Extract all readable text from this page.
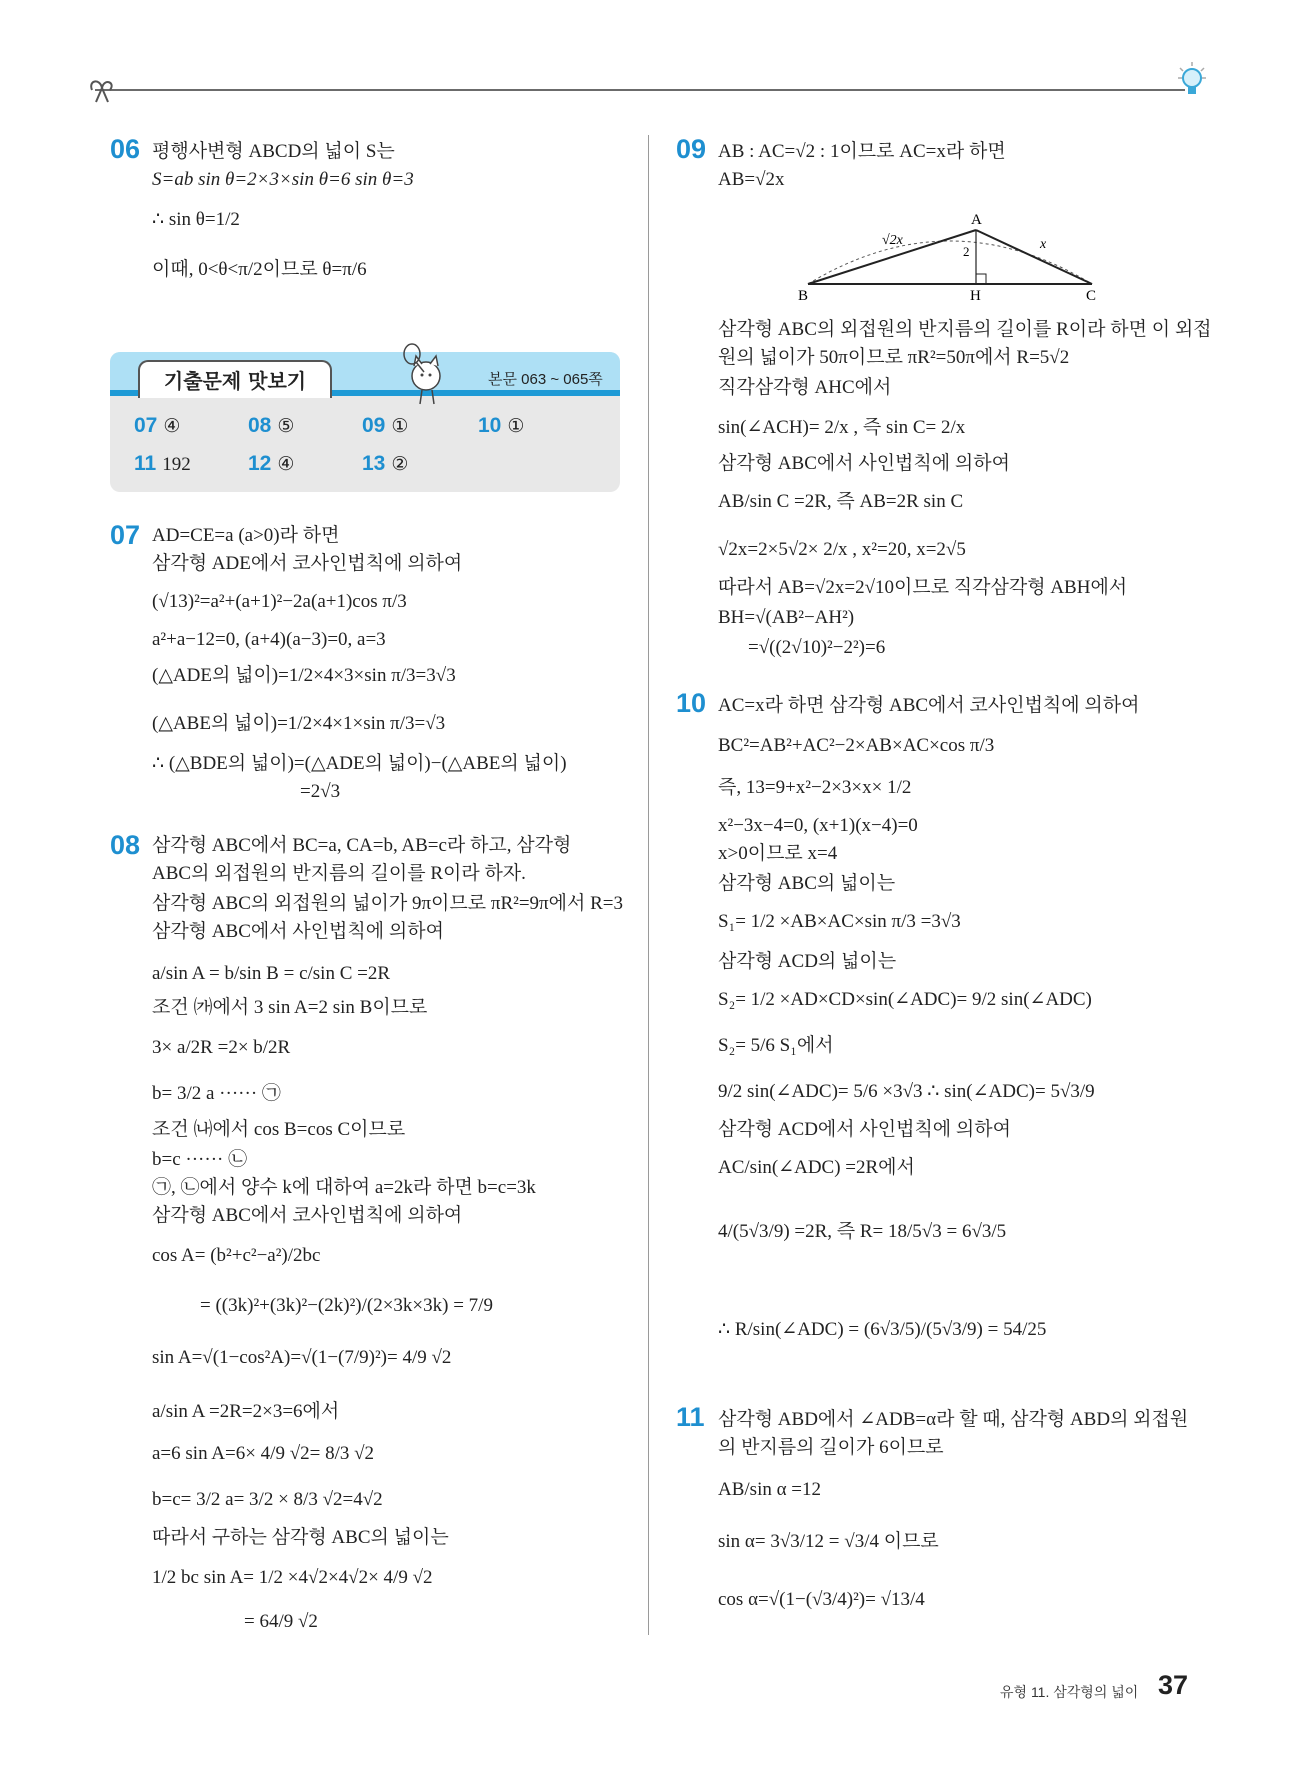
06 평행사변형 ABCD의 넓이 S는
S=ab sin θ=2×3×sin θ=6 sin θ=3
∴ sin θ=1/2
이때, 0<θ<π/2이므로 θ=π/6
기출문제 맛보기	본문 063 ~ 065쪽
07 ④	08 ⑤	09 ①	10 ①
11 192	12 ④	13 ②
07 AD=CE=a (a>0)라 하면
삼각형 ADE에서 코사인법칙에 의하여
(√13)²=a²+(a+1)²−2a(a+1)cos π/3
a²+a−12=0, (a+4)(a−3)=0, a=3
(△ADE의 넓이)=1/2×4×3×sin π/3=3√3
(△ABE의 넓이)=1/2×4×1×sin π/3=√3
∴ (△BDE의 넓이)=(△ADE의 넓이)−(△ABE의 넓이)
=2√3
08 삼각형 ABC에서 BC=a, CA=b, AB=c라 하고, 삼각형
ABC의 외접원의 반지름의 길이를 R이라 하자.
삼각형 ABC의 외접원의 넓이가 9π이므로 πR²=9π에서 R=3
삼각형 ABC에서 사인법칙에 의하여
a/sin A = b/sin B = c/sin C =2R
조건 ㈎에서 3 sin A=2 sin B이므로
3× a/2R =2× b/2R
b= 3/2 a ······ ㉠
조건 ㈏에서 cos B=cos C이므로
b=c ······ ㉡
㉠, ㉡에서 양수 k에 대하여 a=2k라 하면 b=c=3k
삼각형 ABC에서 코사인법칙에 의하여
cos A= (b²+c²−a²)/2bc
= ((3k)²+(3k)²−(2k)²)/(2×3k×3k) = 7/9
sin A=√(1−cos²A)=√(1−(7/9)²)= 4/9 √2
a/sin A =2R=2×3=6에서
a=6 sin A=6× 4/9 √2= 8/3 √2
b=c= 3/2 a= 3/2 × 8/3 √2=4√2
따라서 구하는 삼각형 ABC의 넓이는
1/2 bc sin A= 1/2 ×4√2×4√2× 4/9 √2
= 64/9 √2
09 AB : AC=√2 : 1이므로 AC=x라 하면
AB=√2x
A
B	C
H
√2x	x
2
삼각형 ABC의 외접원의 반지름의 길이를 R이라 하면 이 외접
원의 넓이가 50π이므로 πR²=50π에서 R=5√2
직각삼각형 AHC에서
sin(∠ACH)= 2/x , 즉 sin C= 2/x
삼각형 ABC에서 사인법칙에 의하여
AB/sin C =2R, 즉 AB=2R sin C
√2x=2×5√2× 2/x , x²=20, x=2√5
따라서 AB=√2x=2√10이므로 직각삼각형 ABH에서
BH=√(AB²−AH²)
=√((2√10)²−2²)=6
10 AC=x라 하면 삼각형 ABC에서 코사인법칙에 의하여
BC²=AB²+AC²−2×AB×AC×cos π/3
즉, 13=9+x²−2×3×x× 1/2
x²−3x−4=0, (x+1)(x−4)=0
x>0이므로 x=4
삼각형 ABC의 넓이는
S₁= 1/2 ×AB×AC×sin π/3 =3√3
삼각형 ACD의 넓이는
S₂= 1/2 ×AD×CD×sin(∠ADC)= 9/2 sin(∠ADC)
S₂= 5/6 S₁에서
9/2 sin(∠ADC)= 5/6 ×3√3 ∴ sin(∠ADC)= 5√3/9
삼각형 ACD에서 사인법칙에 의하여
AC/sin(∠ADC) =2R에서
4/(5√3/9) =2R, 즉 R= 18/5√3 = 6√3/5
∴ R/sin(∠ADC) = (6√3/5)/(5√3/9) = 54/25
11 삼각형 ABD에서 ∠ADB=α라 할 때, 삼각형 ABD의 외접원
의 반지름의 길이가 6이므로
AB/sin α =12
sin α= 3√3/12 = √3/4 이므로
cos α=√(1−(√3/4)²)= √13/4
유형 11. 삼각형의 넓이 37
